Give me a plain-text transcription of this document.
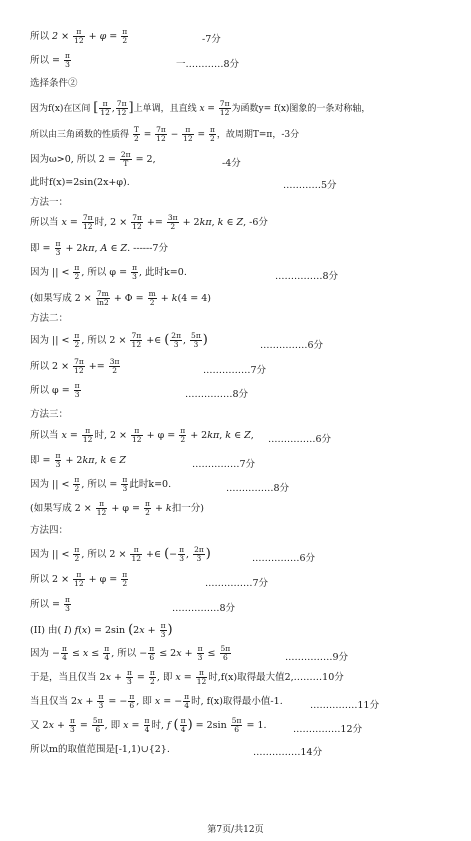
所以 $2 \times \frac{\pi}{12} + \varphi = \frac{\pi}{2}$	-7分
所以 = $\frac{\pi}{3}$	一…………8分
选择条件②
因为f(x)在区间 [ $\frac{\pi}{12}$ , $\frac{7\pi}{12}$ ]上单调，且直线 $x = \frac{7\pi}{12}$ 为函数y= f(x)图象的一条对称轴，
所以由三角函数的性质得 $\frac{T}{2} = \frac{7\pi}{12} - \frac{\pi}{12} = \frac{\pi}{2}$ ，故周期T=π，-3分
因为ω>0, 所以 $2 = \frac{2\pi}{T} = 2$,	-4分
此时f(x)=2sin(2x+φ).	…………5分
方法一：
所以当 $x = \frac{7\pi}{12}$ 时, $2 \times \frac{7\pi}{12} += \frac{3\pi}{2} + 2k\pi$, k ∈ Z, -6分
即 = $\frac{\pi}{3} + 2k\pi$, A ∈ Z. ------7分
因为 || < $\frac{\pi}{2}$ , 所以 $\varphi = \frac{\pi}{3}$ , 此时k=0.	……………8分
(如果写成 $2 \times \frac{7m}{\ln 2} + \Phi = \frac{m}{2} + k(4 = 4)$
方法二：
因为 || < $\frac{\pi}{2}$ , 所以 $2 \times \frac{7\pi}{12}$ +∈ ( $\frac{2\pi}{3}$ , $\frac{5\pi}{3}$ )	……………6分
所以 $2 \times \frac{7\pi}{12} += \frac{3\pi}{2}$	……………7分
所以 $\varphi = \frac{\pi}{3}$	……………8分
方法三：
所以当 $x = \frac{\pi}{12}$ 时, $2 \times \frac{\pi}{12} + \varphi = \frac{\pi}{2} + 2k\pi$, k ∈ Z, ……………6分
即 = $\frac{\pi}{3} + 2k\pi$, k ∈ Z	……………7分
因为 || < $\frac{\pi}{2}$ , 所以 = $\frac{\pi}{3}$ 此时k=0.	……………8分
(如果写成 $2 \times \frac{\pi}{12} + \varphi = \frac{\pi}{2} + k$扣一分)
方法四：
因为 || < $\frac{\pi}{2}$ , 所以 $2 \times \frac{\pi}{12}$ +∈ (− $\frac{\pi}{3}$ , $\frac{2\pi}{3}$ )	……………6分
所以 $2 \times \frac{\pi}{12} + \varphi = \frac{\pi}{2}$	……………7分
所以 = $\frac{\pi}{3}$	……………8分
(II) 由( I) f(x) = 2sin ($2x + \frac{\pi}{3}$ )
因为 − $\frac{\pi}{4} \le x \le \frac{\pi}{4}$ , 所以 − $\frac{\pi}{6} \le 2x + \frac{\pi}{3} \le \frac{5\pi}{6}$	……………9分
于是，当且仅当 $2x + \frac{\pi}{3} = \frac{\pi}{2}$ , 即 $x = \frac{\pi}{12}$ 时,f(x)取得最大值2,………10分
当且仅当 $2x + \frac{\pi}{3}$ = − $\frac{\pi}{6}$ , 即 x = − $\frac{\pi}{4}$ 时, f(x)取得最小值-1.	……………11分
又 $2x + \frac{\pi}{3} = \frac{5\pi}{6}$ , 即 $x = \frac{\pi}{4}$ 时, f ( $\frac{\pi}{4}$ ) = $2\sin \frac{5\pi}{6} = 1$.	……………12分
所以m的取值范围是[-1,1)∪{2}.	……………14分
第7页/共12页
